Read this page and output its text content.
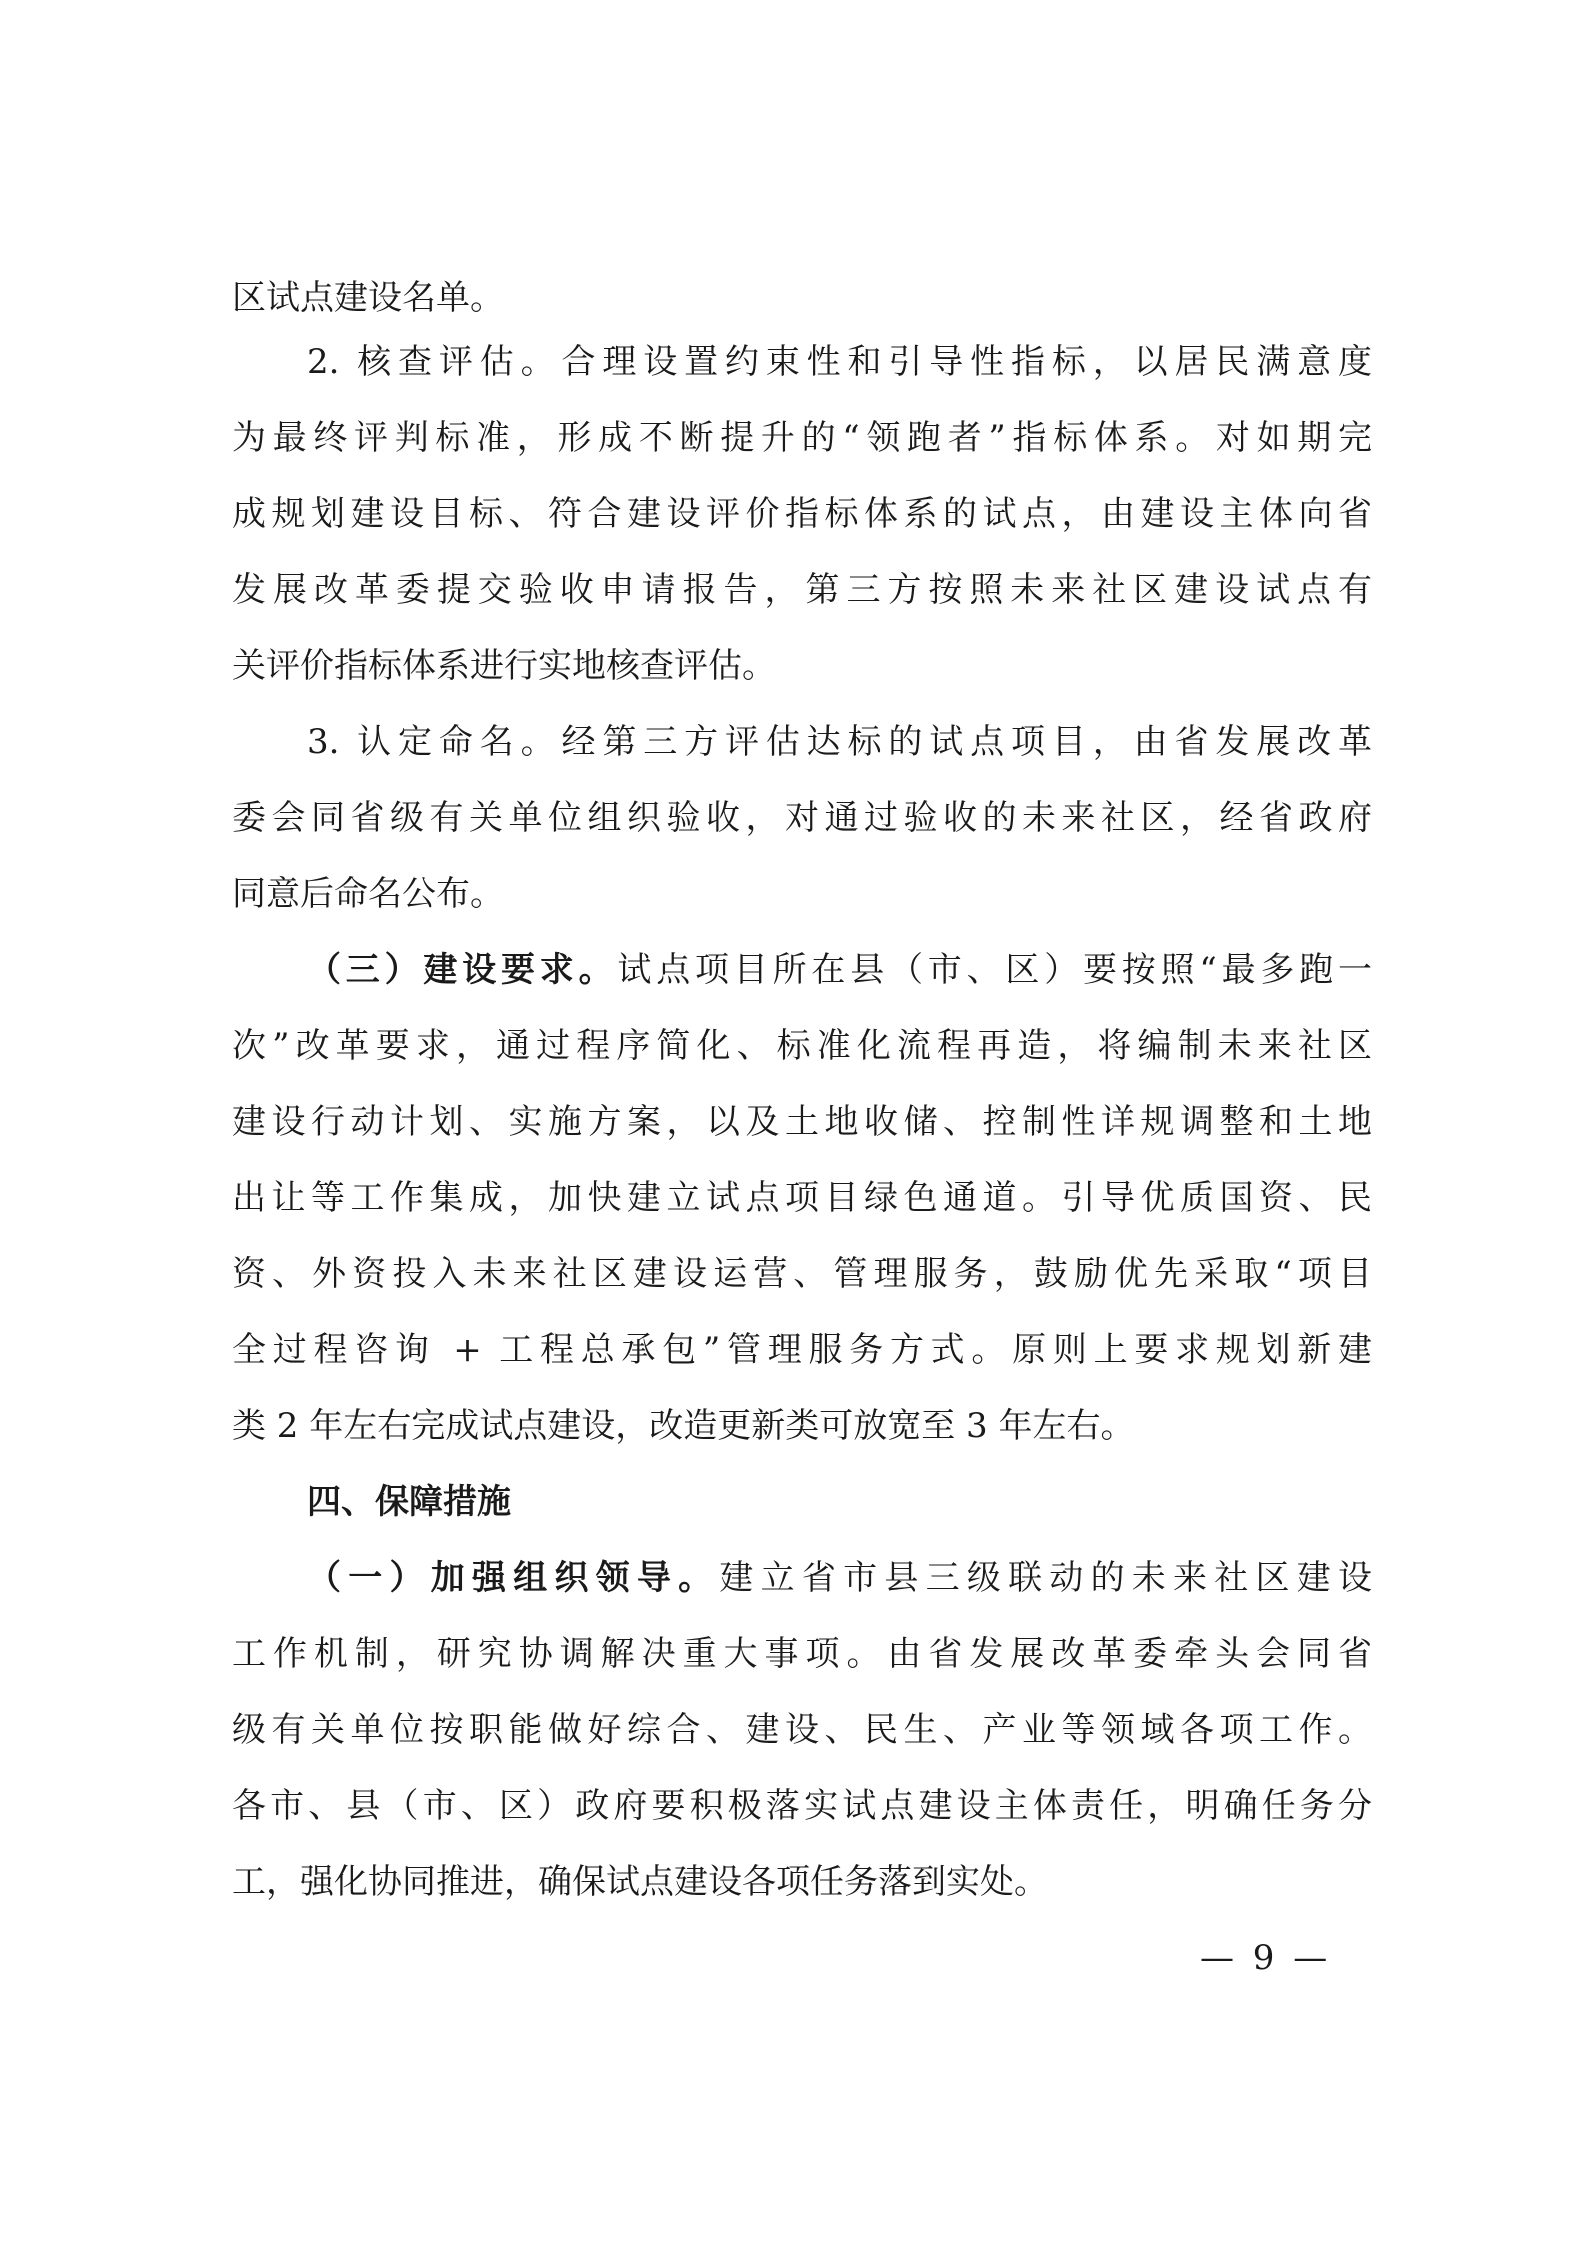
区试点建设名单。
2. 核查评估。合理设置约束性和引导性指标，以居民满意度
为最终评判标准，形成不断提升的“领跑者”指标体系。对如期完
成规划建设目标、符合建设评价指标体系的试点，由建设主体向省
发展改革委提交验收申请报告，第三方按照未来社区建设试点有
关评价指标体系进行实地核查评估。
3. 认定命名。经第三方评估达标的试点项目，由省发展改革
委会同省级有关单位组织验收，对通过验收的未来社区，经省政府
同意后命名公布。
（三）建设要求。试点项目所在县（市、区）要按照“最多跑一
次”改革要求，通过程序简化、标准化流程再造，将编制未来社区
建设行动计划、实施方案，以及土地收储、控制性详规调整和土地
出让等工作集成，加快建立试点项目绿色通道。引导优质国资、民
资、外资投入未来社区建设运营、管理服务，鼓励优先采取“项目
全过程咨询 + 工程总承包”管理服务方式。原则上要求规划新建
类 2 年左右完成试点建设，改造更新类可放宽至 3 年左右。
四、保障措施
（一）加强组织领导。建立省市县三级联动的未来社区建设
工作机制，研究协调解决重大事项。由省发展改革委牵头会同省
级有关单位按职能做好综合、建设、民生、产业等领域各项工作。
各市、县（市、区）政府要积极落实试点建设主体责任，明确任务分
工，强化协同推进，确保试点建设各项任务落到实处。
— 9 —
